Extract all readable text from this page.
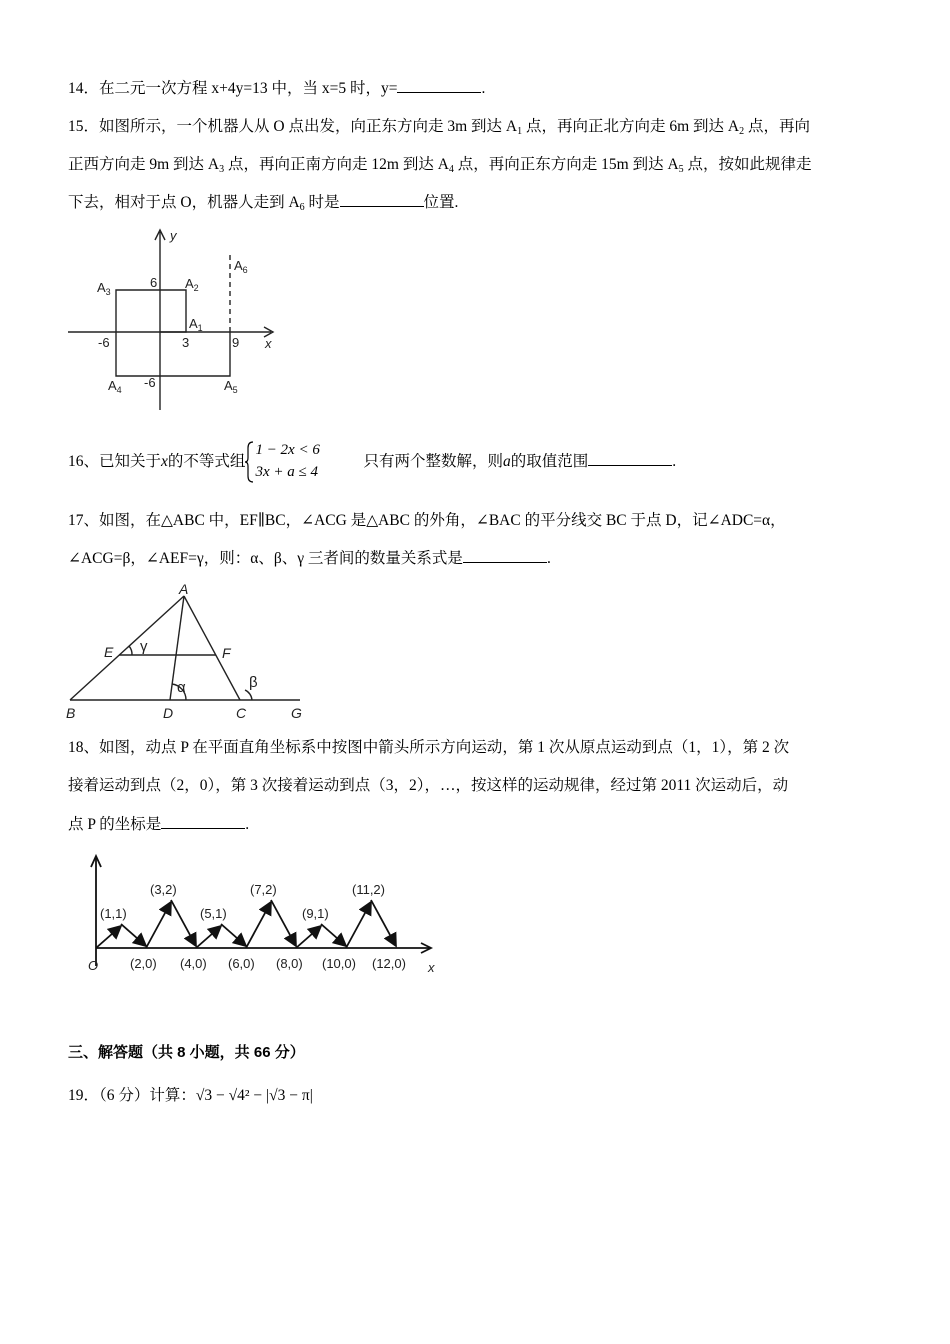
14．在二元一次方程 x+4y=13 中，当 x=5 时，y=	.
15．如图所示，一个机器人从 O 点出发，向正东方向走 3m 到达 $A_1$ 点，再向正北方向走 6m 到达 $A_2$ 点，再向
正西方向走 9m 到达 $A_3$ 点，再向正南方向走 12m 到达 $A_4$ 点，再向正东方向走 15m 到达 $A_5$ 点，按如此规律走
下去，相对于点 O，机器人走到 $A_6$ 时是	位置.
y
x
$A_6$
$A_3$
6 $A_2$
$A_1$
-6	3	9
$A_4$ -6	$A_5$
16、已知关于x的不等式组
1 − 2x < 6
3x + a ≤ 4
只有两个整数解，则a的取值范围	.
17、如图，在△ABC 中，EF∥BC，∠ACG 是△ABC 的外角，∠BAC 的平分线交 BC 于点 D，记∠ADC=α，
∠ACG=β，∠AEF=γ，则：α、β、γ 三者间的数量关系式是	.
A
E	F
B	D	C	G
γ
α	β
18、如图，动点 P 在平面直角坐标系中按图中箭头所示方向运动，第 1 次从原点运动到点（1，1），第 2 次
接着运动到点（2，0），第 3 次接着运动到点（3，2），…，按这样的运动规律，经过第 2011 次运动后，动
点 P 的坐标是	.
O	x
(1,1)
(3,2)
(5,1)
(7,2)
(9,1)
(11,2)
(2,0) (4,0) (6,0) (8,0) (10,0) (12,0)
三、解答题（共 8 小题，共 66 分）
19．（6 分）计算：√3 − √4² − |√3 − π|
